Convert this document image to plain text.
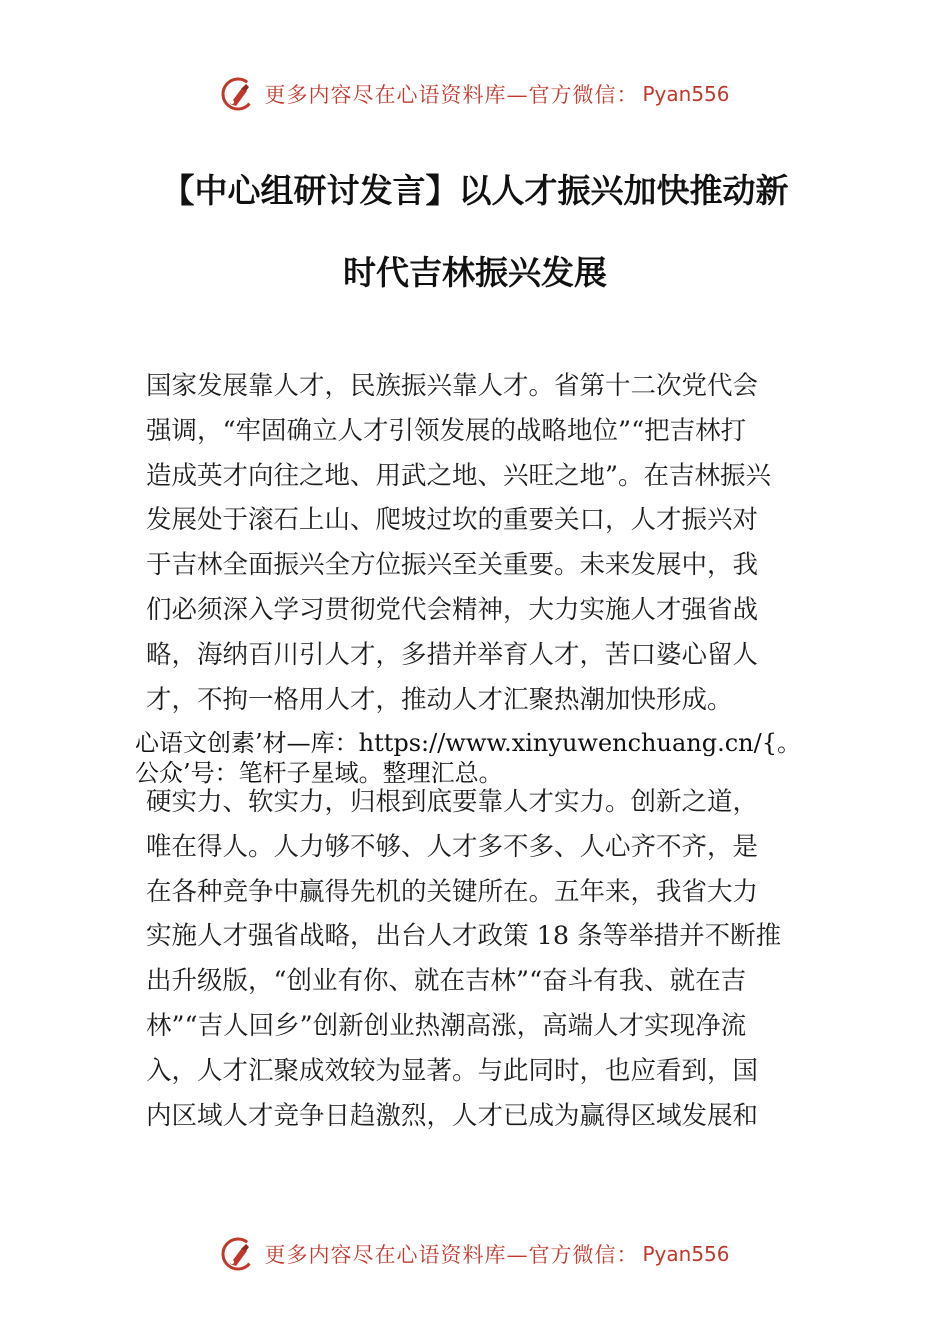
更多内容尽在心语资料库—官方微信： Pyan556
【中心组研讨发言】以人才振兴加快推动新
时代吉林振兴发展
国家发展靠人才，民族振兴靠人才。省第十二次党代会
强调，“牢固确立人才引领发展的战略地位”“把吉林打
造成英才向往之地、用武之地、兴旺之地”。在吉林振兴
发展处于滚石上山、爬坡过坎的重要关口，人才振兴对
于吉林全面振兴全方位振兴至关重要。未来发展中，我
们必须深入学习贯彻党代会精神，大力实施人才强省战
略，海纳百川引人才，多措并举育人才，苦口婆心留人
才，不拘一格用人才，推动人才汇聚热潮加快形成。
心语文创素’材—库：https://www.xinyuwenchuang.cn/{。
公众’号：笔杆子星域。整理汇总。
硬实力、软实力，归根到底要靠人才实力。创新之道，
唯在得人。人力够不够、人才多不多、人心齐不齐，是
在各种竞争中赢得先机的关键所在。五年来，我省大力
实施人才强省战略，出台人才政策 18 条等举措并不断推
出升级版，“创业有你、就在吉林”“奋斗有我、就在吉
林”“吉人回乡”创新创业热潮高涨，高端人才实现净流
入，人才汇聚成效较为显著。与此同时，也应看到，国
内区域人才竞争日趋激烈，人才已成为赢得区域发展和
更多内容尽在心语资料库—官方微信： Pyan556
